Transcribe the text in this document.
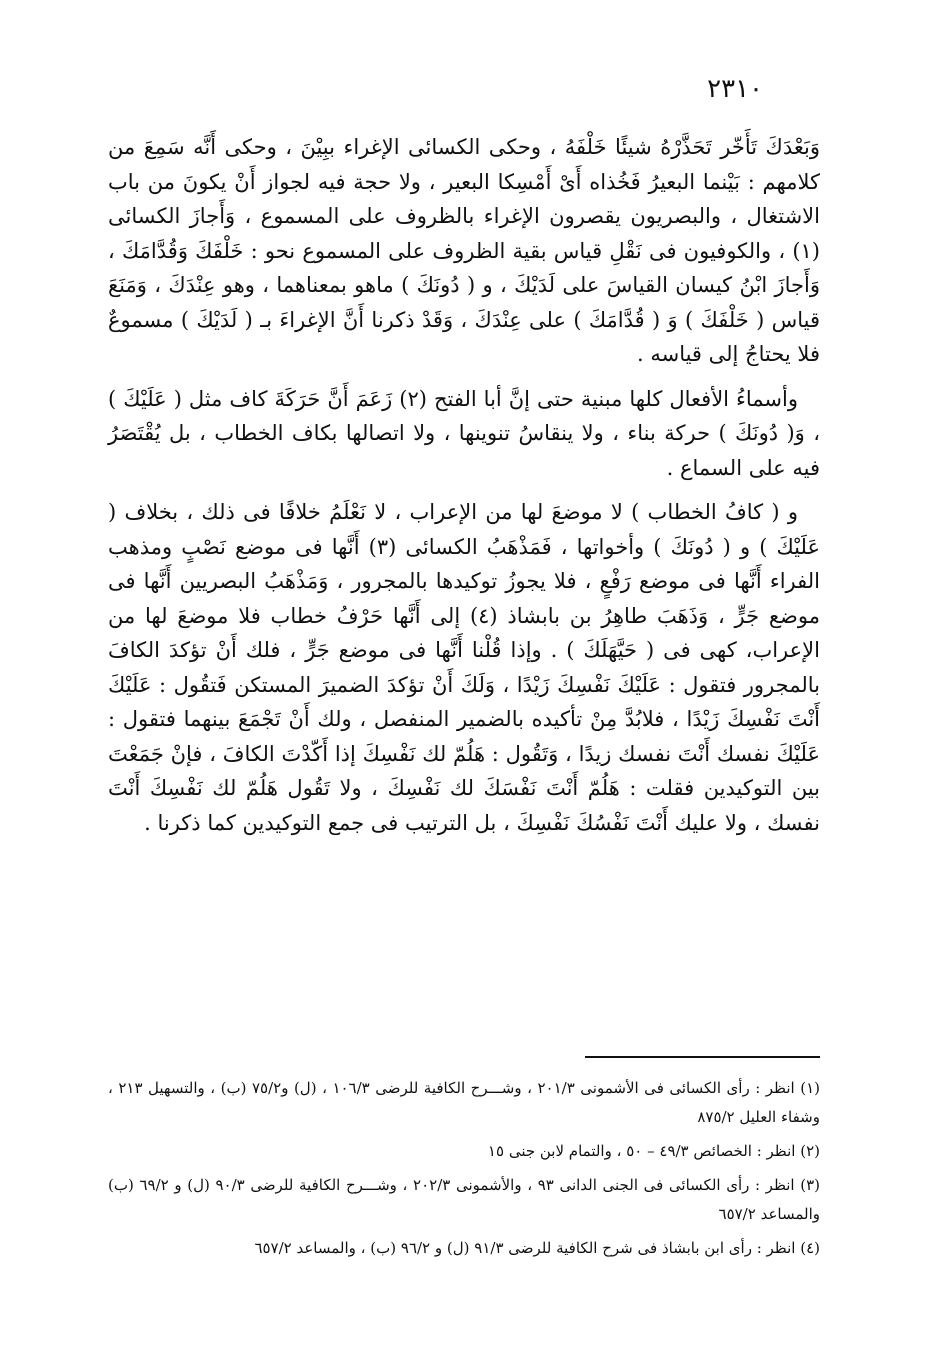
٢٣١٠

وَبَعْدَكَ تَأَخّر تَحَذَّرْهُ شيئًا خَلْفَهُ ، وحكى الكسائى الإغراء ببِيْنَ ، وحكى أَنَّه سَمِعَ من كلامهم : بَيْنما البعيرُ فَخُذاه أَىْ أَمْسِكا البعير ، ولا حجة فيه لجواز أَنْ يكونَ من باب الاشتغال ، والبصريون يقصرون الإغراء بالظروف على المسموع ، وَأَجازَ الكسائى (١) ، والكوفيون فى نَقْلِ قياس بقية الظروف على المسموع نحو : خَلْفَكَ وَقُدَّامَكَ ، وَأَجازَ ابْنُ كيسان القياسَ على لَدَيْكَ ، و ( دُونَكَ ) ماهو بمعناهما ، وهو عِنْدَكَ ، وَمَنَعَ قياس ( خَلْفَكَ ) وَ ( قُدَّامَكَ ) على عِنْدَكَ ، وَقَدْ ذكرنا أَنَّ الإغراءَ بـ ( لَدَيْكَ ) مسموعٌ فلا يحتاجُ إلى قياسه .

وأسماءُ الأفعال كلها مبنية حتى إنَّ أبا الفتح (٢) زَعَمَ أَنَّ حَرَكَةَ كاف مثل ( عَلَيْكَ ) ، وَ( دُونَكَ ) حركة بناء ، ولا ينقاسُ تنوينها ، ولا اتصالها بكاف الخطاب ، بل يُقْتَصَرُ فيه على السماع .

و ( كافُ الخطاب ) لا موضعَ لها من الإعراب ، لا نَعْلَمُ خلافًا فى ذلك ، بخلاف ( عَلَيْكَ ) و ( دُونَكَ ) وأخواتها ، فَمَذْهَبُ الكسائى (٣) أَنَّها فى موضع نَصْبٍ ومذهب الفراء أَنَّها فى موضع رَفْعٍ ، فلا يجوزُ توكيدها بالمجرور ، وَمَذْهَبُ البصريين أَنَّها فى موضع جَرٍّ ، وَذَهَبَ طاهِرُ بن بابشاذ (٤) إلى أَنَّها حَرْفُ خطاب فلا موضعَ لها من الإعراب، كهى فى ( حَيَّهَلَكَ ) . وإذا قُلْنا أَنَّها فى موضع جَرٍّ ، فلك أَنْ تؤكدَ الكافَ بالمجرور فتقول : عَلَيْكَ نَفْسِكَ زَيْدًا ، وَلَكَ أَنْ تؤكدَ الضميرَ المستكن فَتقُول : عَلَيْكَ أَنْتَ نَفْسِكَ زَيْدًا ، فلابُدَّ مِنْ تأكيده بالضمير المنفصل ، ولك أَنْ تَجْمَعَ بينهما فتقول : عَلَيْكَ نفسك أَنْتَ نفسك زيدًا ، وَتَقُول : هَلُمّ لك نَفْسِكَ إذا أَكّدْتَ الكافَ ، فإنْ جَمَعْتَ بين التوكيدين فقلت : هَلُمّ أَنْتَ نَفْسَكَ لك نَفْسِكَ ، ولا تَقُول هَلُمّ لك نَفْسِكَ أَنْتَ نفسك ، ولا عليك أَنْتَ نَفْسُكَ نَفْسِكَ ، بل الترتيب فى جمع التوكيدين كما ذكرنا .

(١) انظر : رأى الكسائى فى الأشمونى ٢٠١/٣ ، وشـــرح الكافية للرضى ١٠٦/٣ ، (ل) و٧٥/٢ (ب) ، والتسهيل ٢١٣ ، وشفاء العليل ٨٧٥/٢

(٢) انظر : الخصائص ٤٩/٣ – ٥٠ ، والتمام لابن جنى ١٥

(٣) انظر : رأى الكسائى فى الجنى الدانى ٩٣ ، والأشمونى ٢٠٢/٣ ، وشـــرح الكافية للرضى ٩٠/٣ (ل) و ٦٩/٢ (ب) والمساعد ٦٥٧/٢

(٤) انظر : رأى ابن بابشاذ فى شرح الكافية للرضى ٩١/٣ (ل) و ٩٦/٢ (ب) ، والمساعد ٦٥٧/٢
